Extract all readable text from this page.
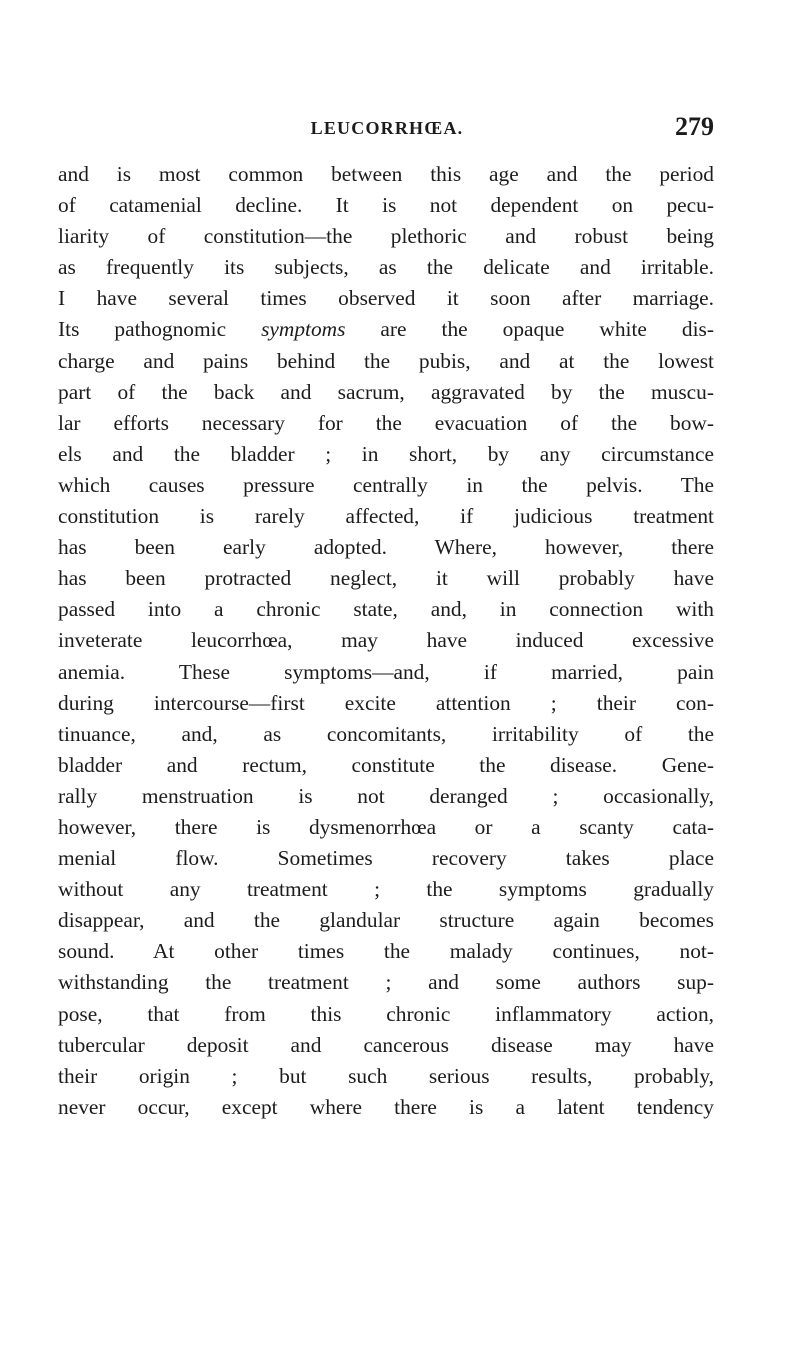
LEUCORRHŒA.	279
and is most common between this age and the period
of catamenial decline. It is not dependent on pecu-
liarity of constitution—the plethoric and robust being
as frequently its subjects, as the delicate and irritable.
I have several times observed it soon after marriage.
Its pathognomic symptoms are the opaque white dis-
charge and pains behind the pubis, and at the lowest
part of the back and sacrum, aggravated by the muscu-
lar efforts necessary for the evacuation of the bow-
els and the bladder ; in short, by any circumstance
which causes pressure centrally in the pelvis. The
constitution is rarely affected, if judicious treatment
has been early adopted. Where, however, there
has been protracted neglect, it will probably have
passed into a chronic state, and, in connection with
inveterate leucorrhœa, may have induced excessive
anemia. These symptoms—and, if married, pain
during intercourse—first excite attention ; their con-
tinuance, and, as concomitants, irritability of the
bladder and rectum, constitute the disease. Gene-
rally menstruation is not deranged ; occasionally,
however, there is dysmenorrhœa or a scanty cata-
menial flow. Sometimes recovery takes place
without any treatment ; the symptoms gradually
disappear, and the glandular structure again becomes
sound. At other times the malady continues, not-
withstanding the treatment ; and some authors sup-
pose, that from this chronic inflammatory action,
tubercular deposit and cancerous disease may have
their origin ; but such serious results, probably,
never occur, except where there is a latent tendency
